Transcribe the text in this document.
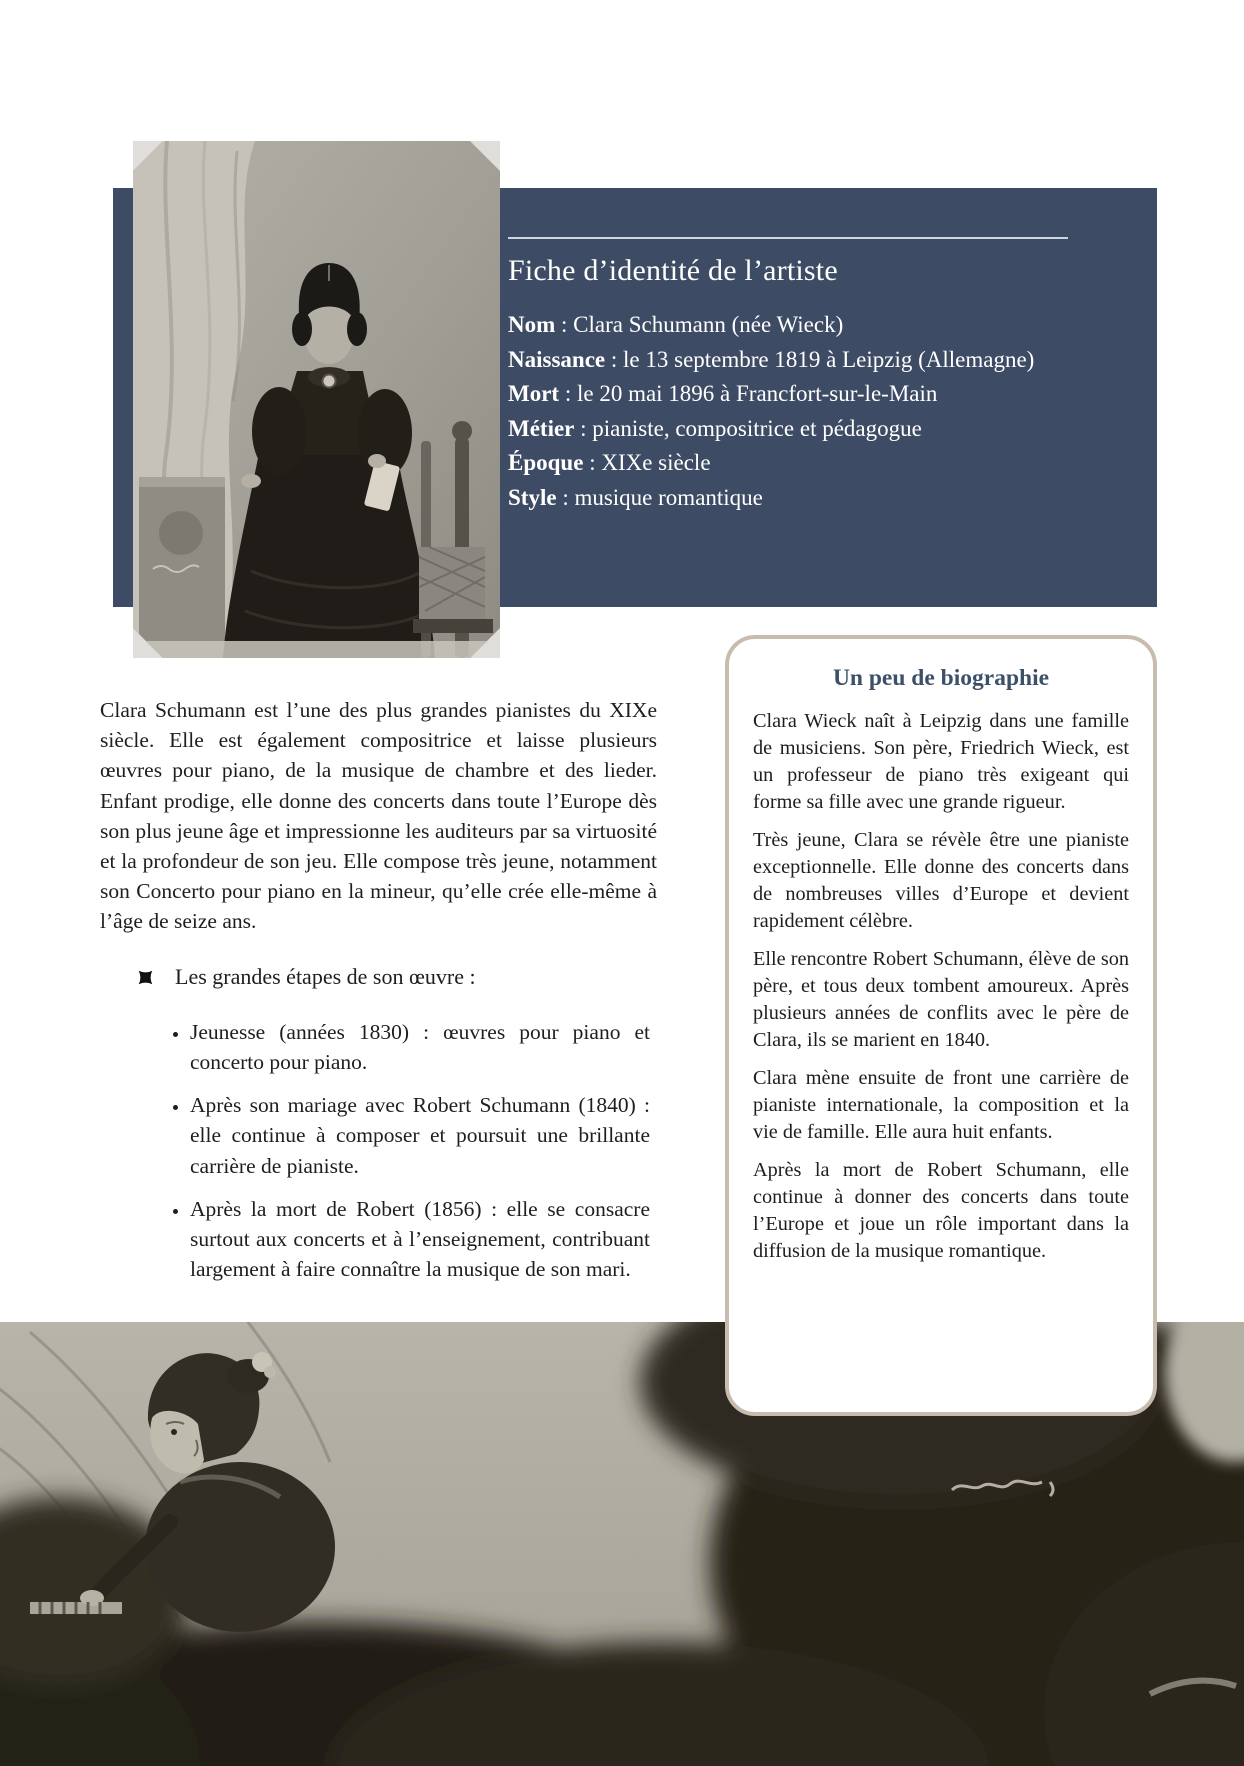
Fiche d’identité de l’artiste
Nom : Clara Schumann (née Wieck)
Naissance : le 13 septembre 1819 à Leipzig (Allemagne)
Mort : le 20 mai 1896 à Francfort-sur-le-Main
Métier : pianiste, compositrice et pédagogue
Époque : XIXe siècle
Style : musique romantique

Clara Schumann est l’une des plus grandes pianistes du XIXe siècle. Elle est également compositrice et laisse plusieurs œuvres pour piano, de la musique de chambre et des lieder. Enfant prodige, elle donne des concerts dans toute l’Europe dès son plus jeune âge et impressionne les auditeurs par sa virtuosité et la profondeur de son jeu. Elle compose très jeune, notamment son Concerto pour piano en la mineur, qu’elle crée elle-même à l’âge de seize ans.

Les grandes étapes de son œuvre :
• Jeunesse (années 1830) : œuvres pour piano et concerto pour piano.
• Après son mariage avec Robert Schumann (1840) : elle continue à composer et poursuit une brillante carrière de pianiste.
• Après la mort de Robert (1856) : elle se consacre surtout aux concerts et à l’enseignement, contribuant largement à faire connaître la musique de son mari.
Un peu de biographie

Clara Wieck naît à Leipzig dans une famille de musiciens. Son père, Friedrich Wieck, est un professeur de piano très exigeant qui forme sa fille avec une grande rigueur.

Très jeune, Clara se révèle être une pianiste exceptionnelle. Elle donne des concerts dans de nombreuses villes d’Europe et devient rapidement célèbre.

Elle rencontre Robert Schumann, élève de son père, et tous deux tombent amoureux. Après plusieurs années de conflits avec le père de Clara, ils se marient en 1840.

Clara mène ensuite de front une carrière de pianiste internationale, la composition et la vie de famille. Elle aura huit enfants.

Après la mort de Robert Schumann, elle continue à donner des concerts dans toute l’Europe et joue un rôle important dans la diffusion de la musique romantique.
